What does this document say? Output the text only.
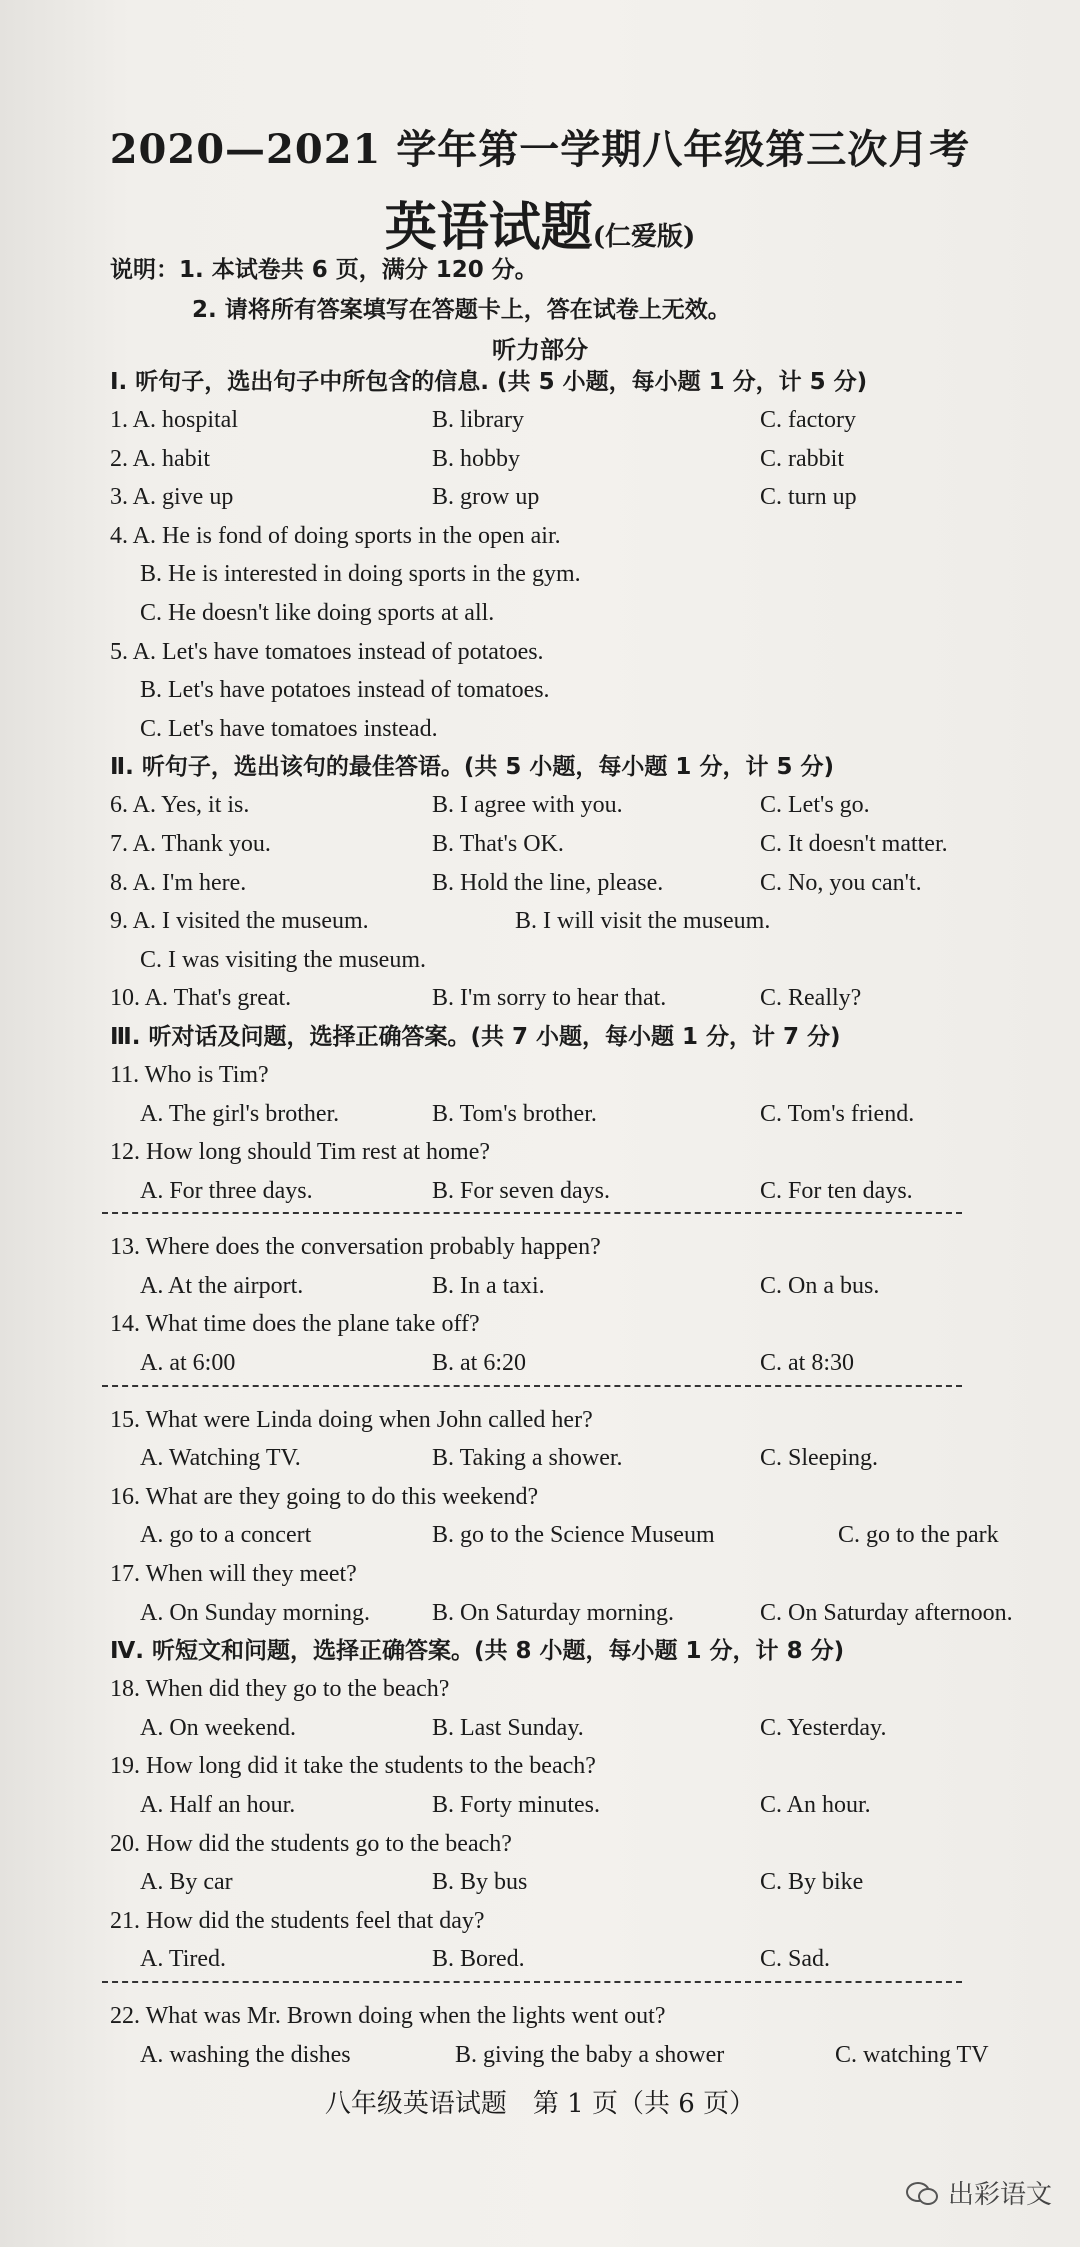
2020—2021 学年第一学期八年级第三次月考
英语试题(仁爱版)
说明：1. 本试卷共 6 页，满分 120 分。
2. 请将所有答案填写在答题卡上，答在试卷上无效。
听力部分
Ⅰ. 听句子，选出句子中所包含的信息. (共 5 小题，每小题 1 分，计 5 分)
1. A. hospital	B. library	C. factory
2. A. habit	B. hobby	C. rabbit
3. A. give up	B. grow up	C. turn up
4. A. He is fond of doing sports in the open air.
B. He is interested in doing sports in the gym.
C. He doesn't like doing sports at all.
5. A. Let's have tomatoes instead of potatoes.
B. Let's have potatoes instead of tomatoes.
C. Let's have tomatoes instead.
Ⅱ. 听句子，选出该句的最佳答语。(共 5 小题，每小题 1 分，计 5 分)
6. A. Yes, it is.	B. I agree with you.	C. Let's go.
7. A. Thank you.	B. That's OK.	C. It doesn't matter.
8. A. I'm here.	B. Hold the line, please.	C. No, you can't.
9. A. I visited the museum.	B. I will visit the museum.
C. I was visiting the museum.
10. A. That's great.	B. I'm sorry to hear that.	C. Really?
Ⅲ. 听对话及问题，选择正确答案。(共 7 小题，每小题 1 分，计 7 分)
11. Who is Tim?
A. The girl's brother.	B. Tom's brother.	C. Tom's friend.
12. How long should Tim rest at home?
A. For three days.	B. For seven days.	C. For ten days.
13. Where does the conversation probably happen?
A. At the airport.	B. In a taxi.	C. On a bus.
14. What time does the plane take off?
A. at 6:00	B. at 6:20	C. at 8:30
15. What were Linda doing when John called her?
A. Watching TV.	B. Taking a shower.	C. Sleeping.
16. What are they going to do this weekend?
A. go to a concert	B. go to the Science Museum	C. go to the park
17. When will they meet?
A. On Sunday morning.	B. On Saturday morning.	C. On Saturday afternoon.
Ⅳ. 听短文和问题，选择正确答案。(共 8 小题，每小题 1 分，计 8 分)
18. When did they go to the beach?
A. On weekend.	B. Last Sunday.	C. Yesterday.
19. How long did it take the students to the beach?
A. Half an hour.	B. Forty minutes.	C. An hour.
20. How did the students go to the beach?
A. By car	B. By bus	C. By bike
21. How did the students feel that day?
A. Tired.	B. Bored.	C. Sad.
22. What was Mr. Brown doing when the lights went out?
A. washing the dishes	B. giving the baby a shower	C. watching TV
八年级英语试题　第 1 页（共 6 页）
出彩语文
